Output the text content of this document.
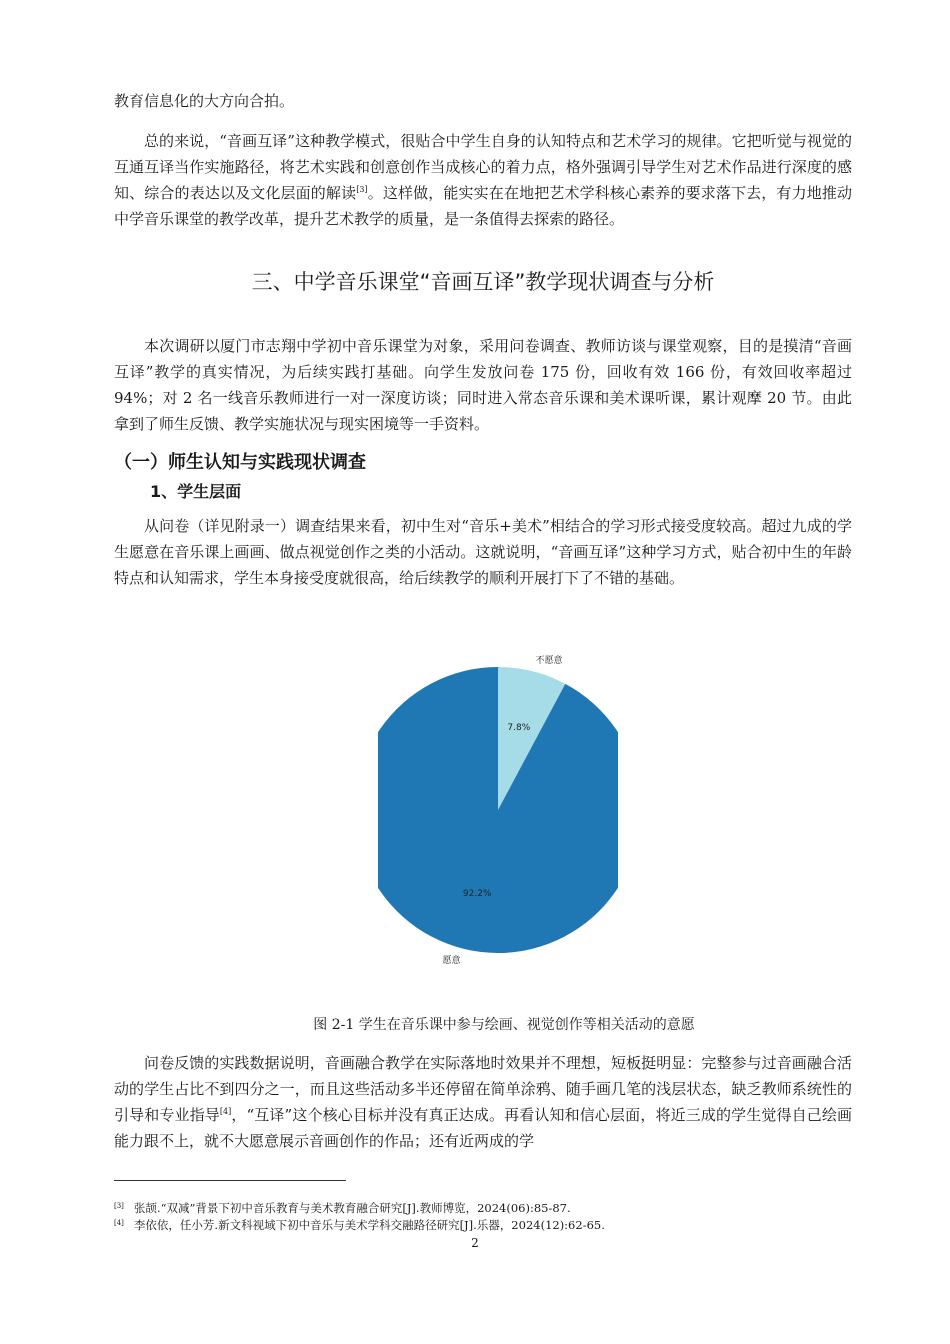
教育信息化的大方向合拍。

总的来说，“音画互译”这种教学模式，很贴合中学生自身的认知特点和艺术学习的规律。它把听觉与视觉的互通互译当作实施路径，将艺术实践和创意创作当成核心的着力点，格外强调引导学生对艺术作品进行深度的感知、综合的表达以及文化层面的解读[3]。这样做，能实实在在地把艺术学科核心素养的要求落下去，有力地推动中学音乐课堂的教学改革，提升艺术教学的质量，是一条值得去探索的路径。

三、中学音乐课堂“音画互译”教学现状调查与分析

本次调研以厦门市志翔中学初中音乐课堂为对象，采用问卷调查、教师访谈与课堂观察，目的是摸清“音画互译”教学的真实情况，为后续实践打基础。向学生发放问卷 175 份，回收有效 166 份，有效回收率超过 94%；对 2 名一线音乐教师进行一对一深度访谈；同时进入常态音乐课和美术课听课，累计观摩 20 节。由此拿到了师生反馈、教学实施状况与现实困境等一手资料。

（一）师生认知与实践现状调查
1、学生层面

从问卷（详见附录一）调查结果来看，初中生对“音乐+美术”相结合的学习形式接受度较高。超过九成的学生愿意在音乐课上画画、做点视觉创作之类的小活动。这就说明，“音画互译”这种学习方式，贴合初中生的年龄特点和认知需求，学生本身接受度就很高，给后续教学的顺利开展打下了不错的基础。

7.8%
不愿意
92.2%
愿意

图 2-1 学生在音乐课中参与绘画、视觉创作等相关活动的意愿

问卷反馈的实践数据说明，音画融合教学在实际落地时效果并不理想，短板挺明显：完整参与过音画融合活动的学生占比不到四分之一，而且这些活动多半还停留在简单涂鸦、随手画几笔的浅层状态，缺乏教师系统性的引导和专业指导[4]，“互译”这个核心目标并没有真正达成。再看认知和信心层面，将近三成的学生觉得自己绘画能力跟不上，就不大愿意展示音画创作的作品；还有近两成的学

[3] 张颉.“双减”背景下初中音乐教育与美术教育融合研究[J].教师博览，2024(06):85-87.

[4] 李依依，任小芳.新文科视域下初中音乐与美术学科交融路径研究[J].乐器，2024(12):62-65.

2
